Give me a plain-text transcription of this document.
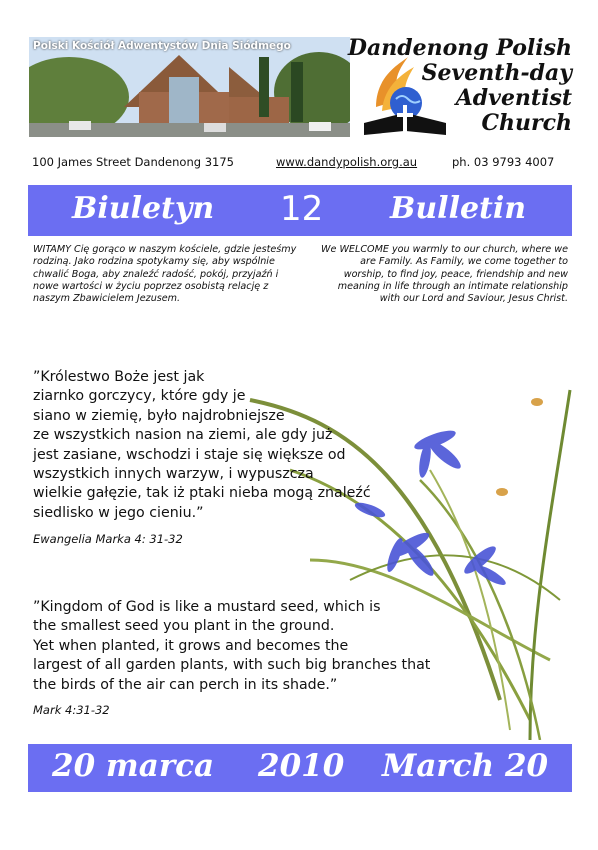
Polski Kościół Adwentystów Dnia Siódmego	Dandenong Polish
Seventh-day
Adventist
Church
100 James Street Dandenong 3175	www.dandypolish.org.au	ph. 03 9793 4007
Biuletyn 12 Bulletin
WITAMY Cię gorąco w naszym kościele, gdzie jesteśmy rodziną. Jako rodzina spotykamy się, aby wspólnie chwalić Boga, aby znaleźć radość, pokój, przyjaźń i nowe wartości w życiu poprzez osobistą relację z naszym Zbawicielem Jezusem.
We WELCOME you warmly to our church, where we are Family. As Family, we come together to worship, to find joy, peace, friendship and new meaning in life through an intimate relationship with our Lord and Saviour, Jesus Christ.
”Królestwo Boże jest jak
ziarnko gorczycy, które gdy je
siano w ziemię, było najdrobniejsze
ze wszystkich nasion na ziemi, ale gdy już
jest zasiane, wschodzi i staje się większe od
wszystkich innych warzyw, i wypuszcza
wielkie gałęzie, tak iż ptaki nieba mogą znaleźć
siedlisko w jego cieniu.”
Ewangelia Marka 4: 31-32
”Kingdom of God is like a mustard seed, which is
the smallest seed you plant in the ground.
Yet when planted, it grows and becomes the
largest of all garden plants, with such big branches that
the birds of the air can perch in its shade.”
Mark 4:31-32
20 marca 2010 March 20
